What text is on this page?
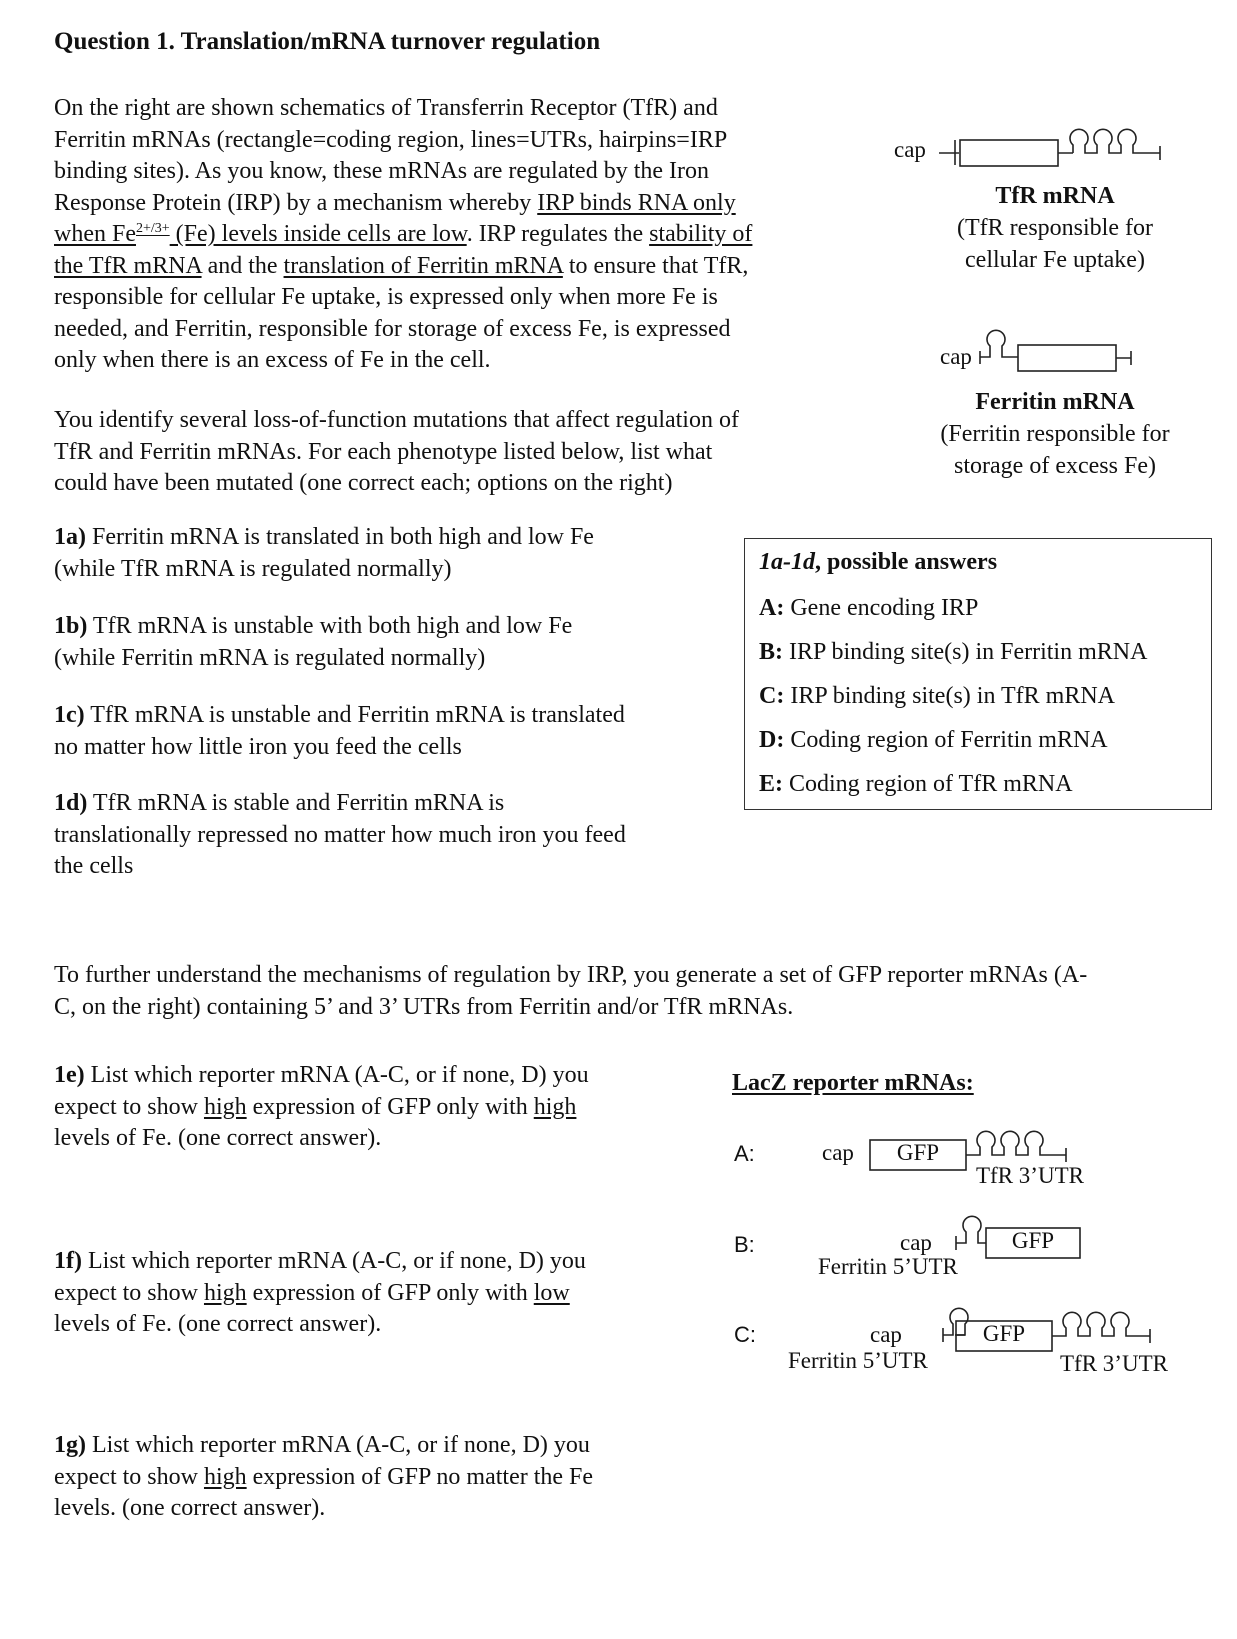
Question 1. Translation/mRNA turnover regulation

On the right are shown schematics of Transferrin Receptor (TfR) and

Ferritin mRNAs (rectangle=coding region, lines=UTRs, hairpins=IRP

binding sites). As you know, these mRNAs are regulated by the Iron

Response Protein (IRP) by a mechanism whereby IRP binds RNA only

when $Fe^{2+/3+}$ (Fe) levels inside cells are low. IRP regulates the stability of

the TfR mRNA and the translation of Ferritin mRNA to ensure that TfR,

responsible for cellular Fe uptake, is expressed only when more Fe is

needed, and Ferritin, responsible for storage of excess Fe, is expressed

only when there is an excess of Fe in the cell.

You identify several loss-of-function mutations that affect regulation of

TfR and Ferritin mRNAs. For each phenotype listed below, list what

could have been mutated (one correct each; options on the right)

1a) Ferritin mRNA is translated in both high and low Fe

(while TfR mRNA is regulated normally)

1b) TfR mRNA is unstable with both high and low Fe

(while Ferritin mRNA is regulated normally)

1c) TfR mRNA is unstable and Ferritin mRNA is translated

no matter how little iron you feed the cells

1d) TfR mRNA is stable and Ferritin mRNA is

translationally repressed no matter how much iron you feed

the cells

cap
TfR mRNA
(TfR responsible for
cellular Fe uptake)
cap
Ferritin mRNA
(Ferritin responsible for
storage of excess Fe)
1a-1d, possible answers
A: Gene encoding IRP
B: IRP binding site(s) in Ferritin mRNA
C: IRP binding site(s) in TfR mRNA
D: Coding region of Ferritin mRNA
E: Coding region of TfR mRNA

To further understand the mechanisms of regulation by IRP, you generate a set of GFP reporter mRNAs (A-

C, on the right) containing 5’ and 3’ UTRs from Ferritin and/or TfR mRNAs.

1e) List which reporter mRNA (A-C, or if none, D) you

expect to show high expression of GFP only with high

levels of Fe. (one correct answer).

1f) List which reporter mRNA (A-C, or if none, D) you

expect to show high expression of GFP only with low

levels of Fe. (one correct answer).

1g) List which reporter mRNA (A-C, or if none, D) you

expect to show high expression of GFP no matter the Fe

levels. (one correct answer).

LacZ reporter mRNAs:
A:	cap	GFP
TfR 3’UTR
B:	cap	GFP
Ferritin 5’UTR
C:	cap	GFP
Ferritin 5’UTR	TfR 3’UTR
